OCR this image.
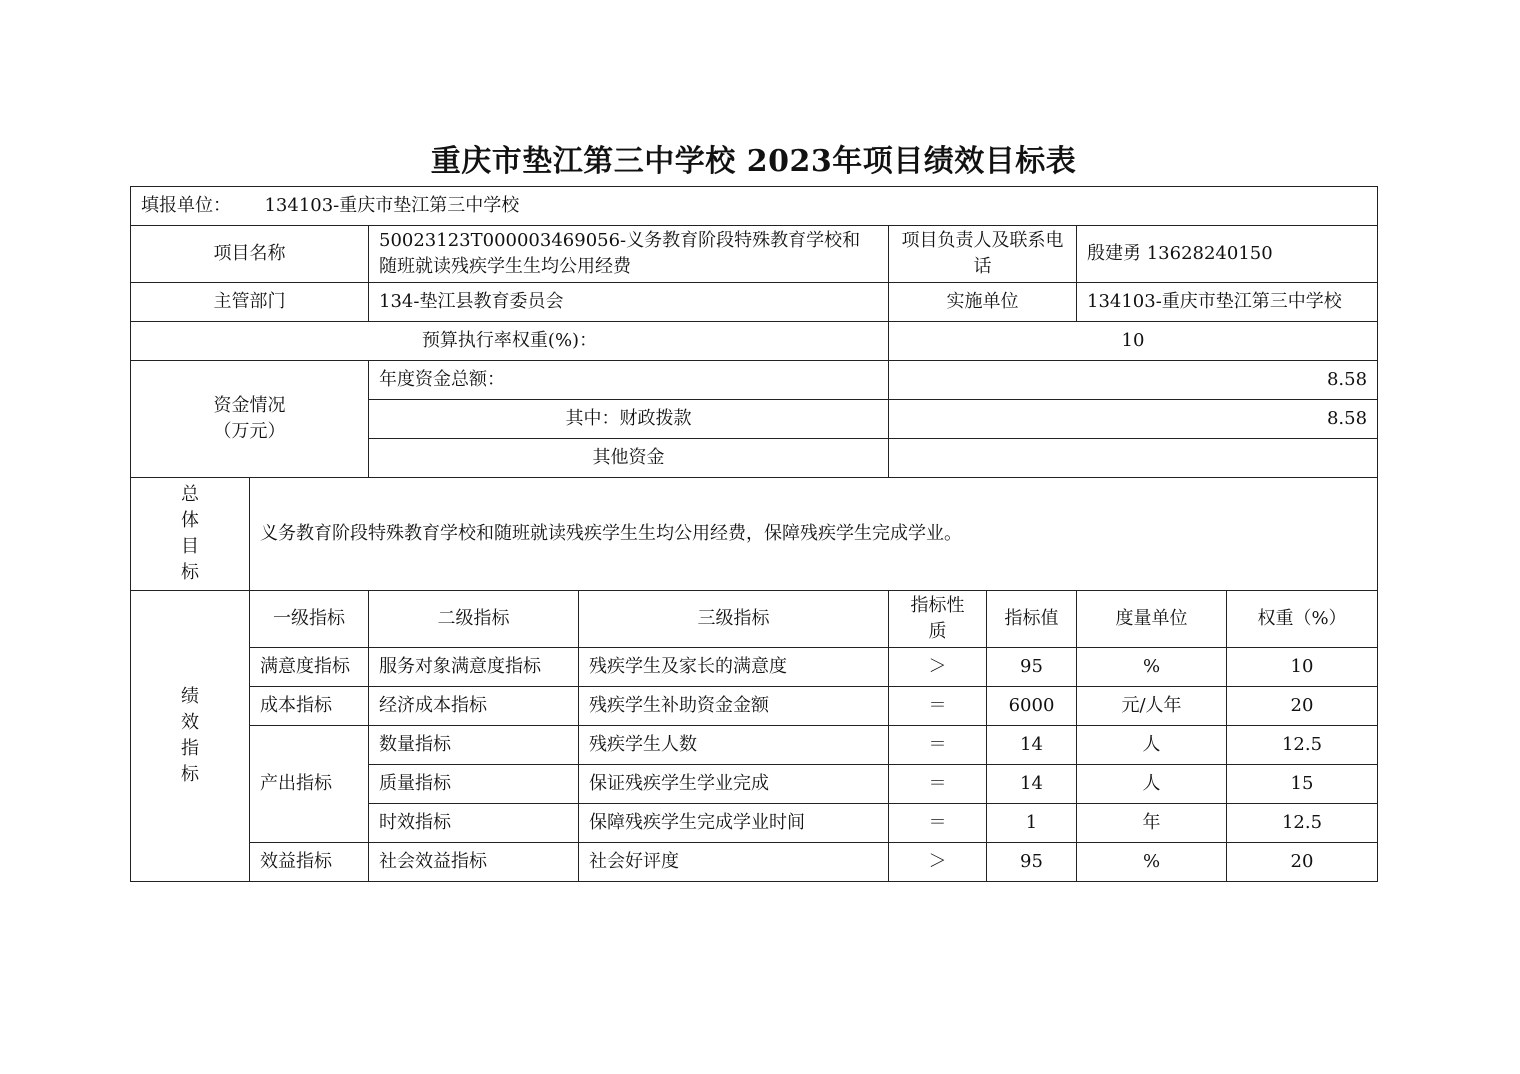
重庆市垫江第三中学校 2023年项目绩效目标表
填报单位： 134103-重庆市垫江第三中学校							
项目名称		50023123T000003469056-义务教育阶段特殊教育学校和随班就读残疾学生生均公用经费		项目负责人及联系电话		殷建勇 13628240150	
主管部门		134-垫江县教育委员会		实施单位		134103-重庆市垫江第三中学校	
预算执行率权重(%)：				10			

资金情况
（万元）		年度资金总额：		8.58			
		其中：财政拨款		8.58			
		其他资金					

总
体
目
标	义务教育阶段特殊教育学校和随班就读残疾学生生均公用经费，保障残疾学生完成学业。						

绩
效
指
标	一级指标	二级指标	三级指标	指标性质	指标值	度量单位	权重（%）
	满意度指标	服务对象满意度指标	残疾学生及家长的满意度	＞	95	%	10
	成本指标	经济成本指标	残疾学生补助资金金额	＝	6000	元/人年	20
	产出指标	数量指标	残疾学生人数	＝	14	人	12.5
		质量指标	保证残疾学生学业完成	＝	14	人	15
		时效指标	保障残疾学生完成学业时间	＝	1	年	12.5
	效益指标	社会效益指标	社会好评度	＞	95	%	20
